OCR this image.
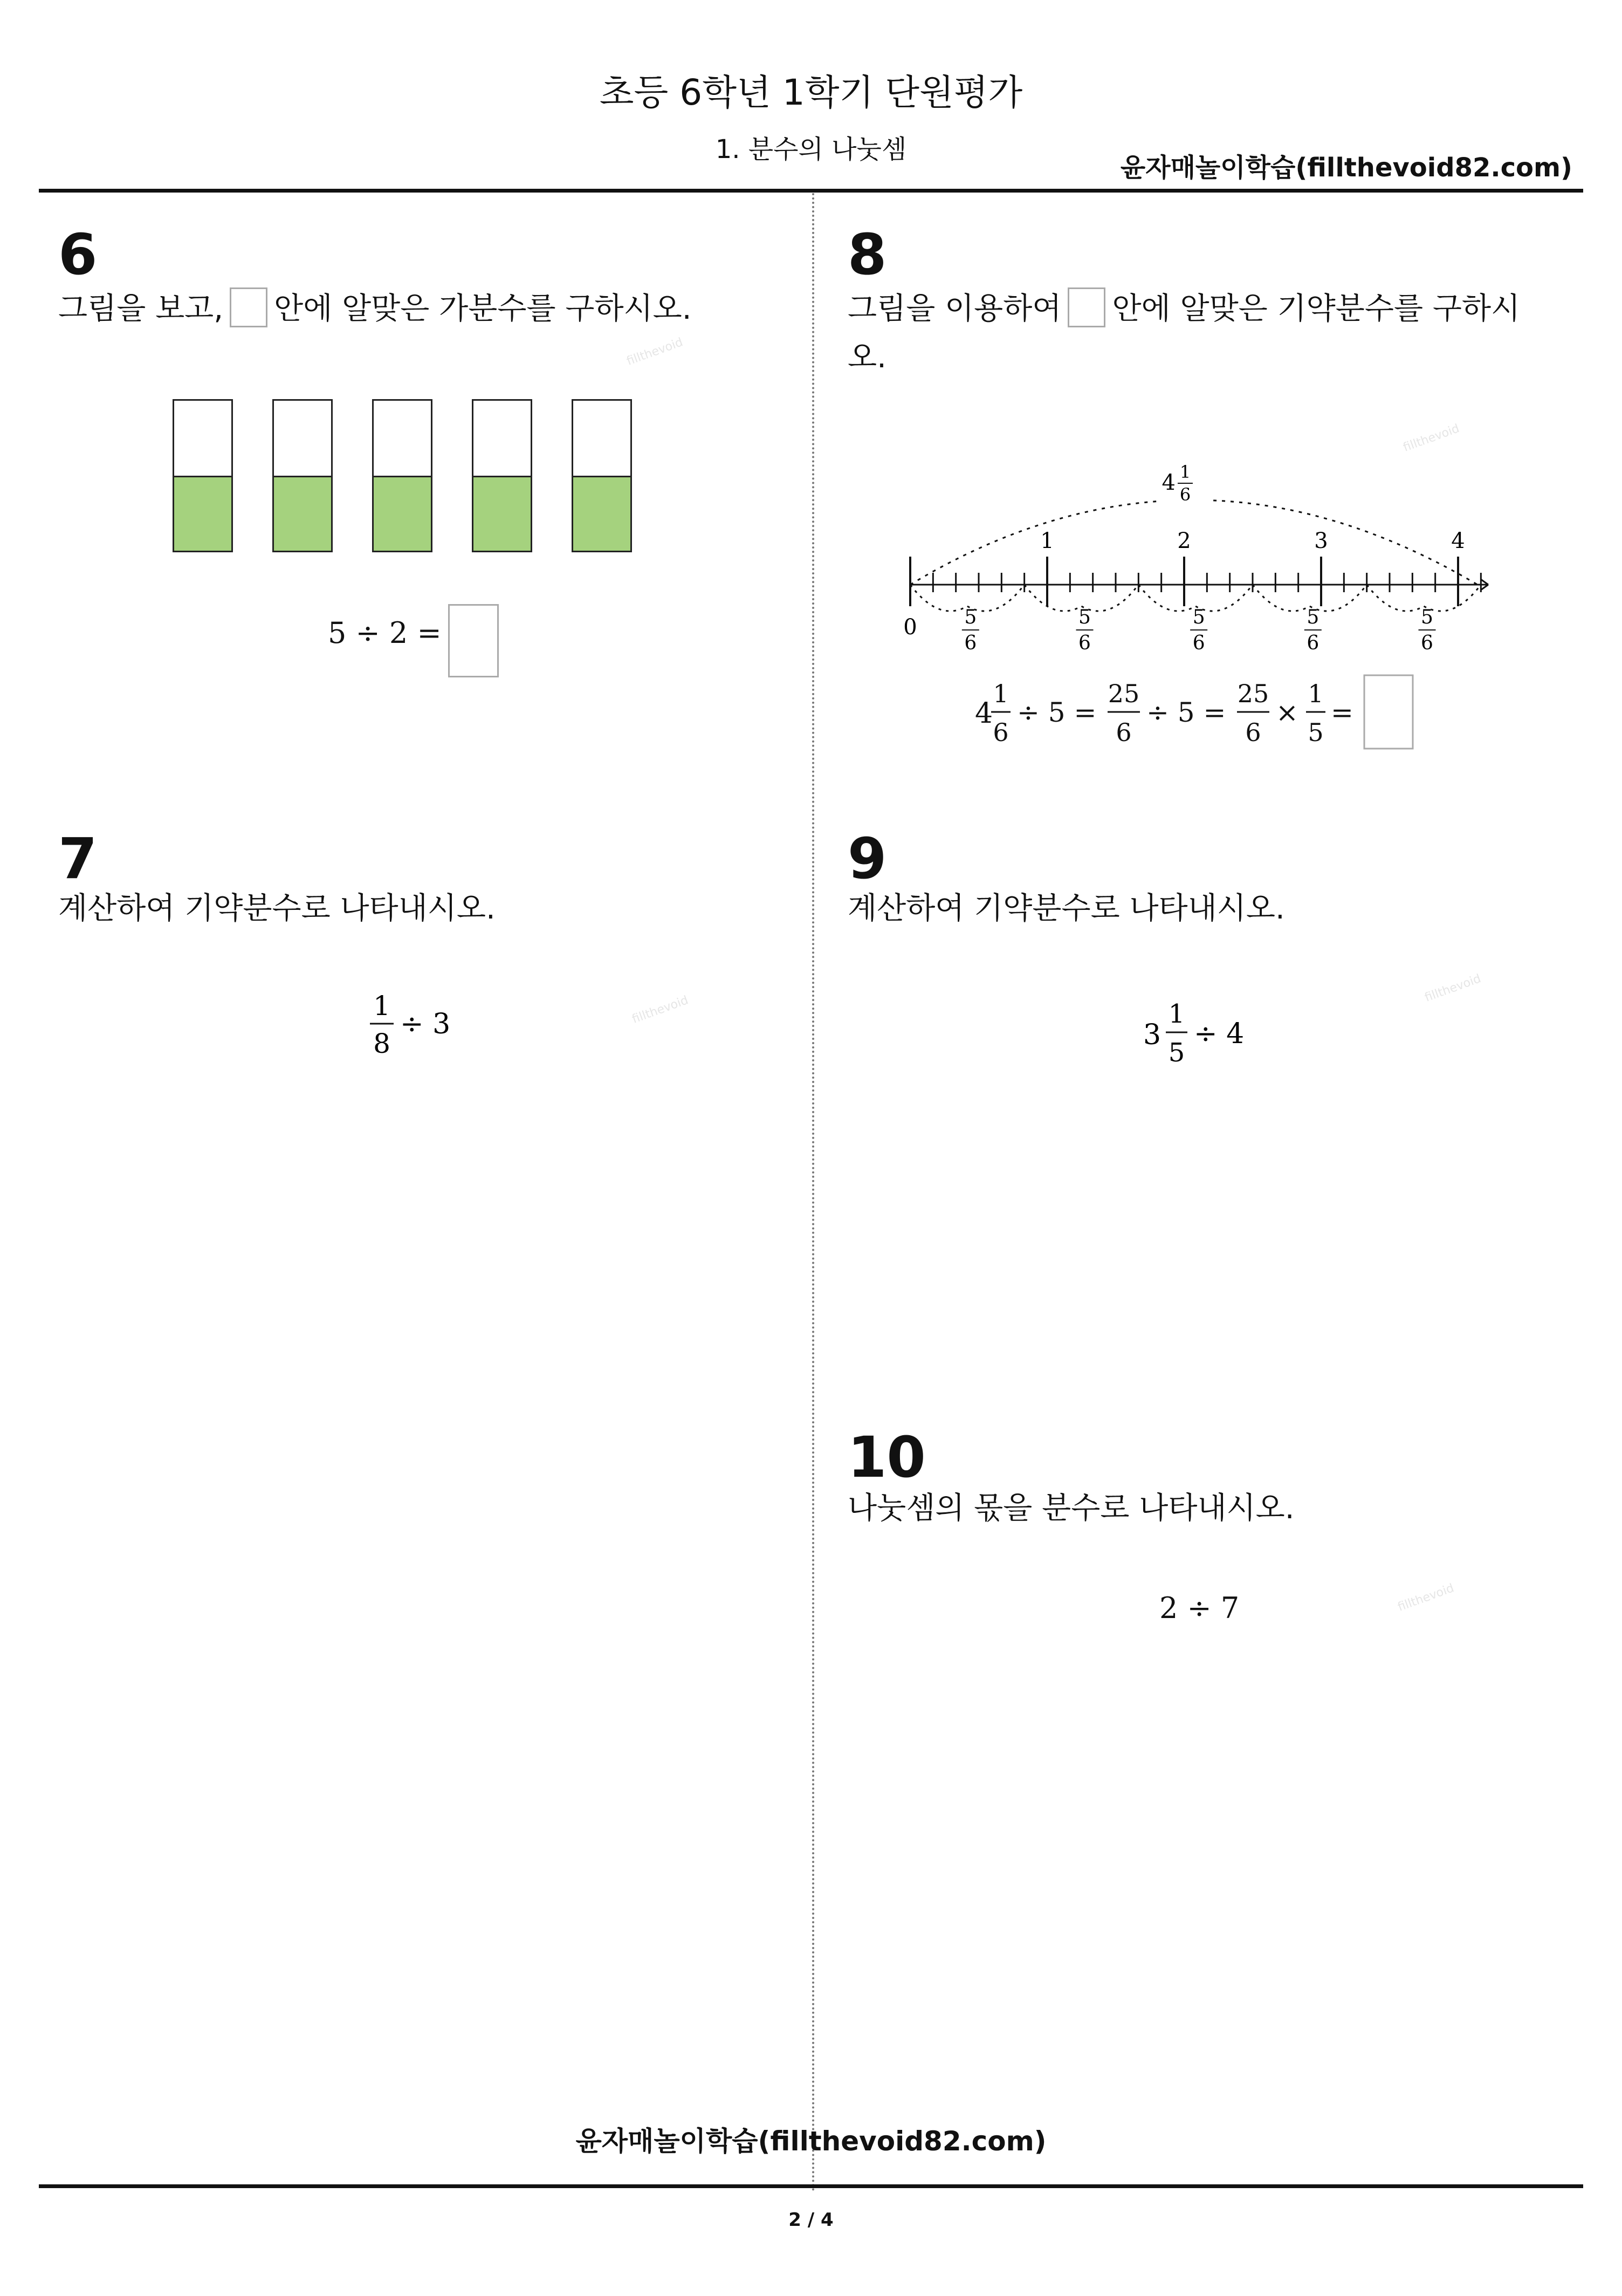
초등 6학년 1학기 단원평가
1. 분수의 나눗셈
윤자매놀이학습(fillthevoid82.com)
6
그림을 보고, 안에 알맞은 가분수를 구하시오.
5 ÷ 2 =
7
계산하여 기약분수로 나타내시오.
1
8
÷ 3
8
그림을 이용하여 안에 알맞은 기약분수를 구하시
오.
4 1
6
0
1	2	3	4
5
6
5
6
5
6
5
6
5
6
4
1
6
÷ 5 =
25
6
÷ 5 =
25
6
×
1
5
=
9
계산하여 기약분수로 나타내시오.
3
1
5
÷ 4
10
나눗셈의 몫을 분수로 나타내시오.
2 ÷ 7
fillthevoid
fillthevoid
fillthevoid
fillthevoid
fillthevoid
윤자매놀이학습(fillthevoid82.com)
2 / 4
